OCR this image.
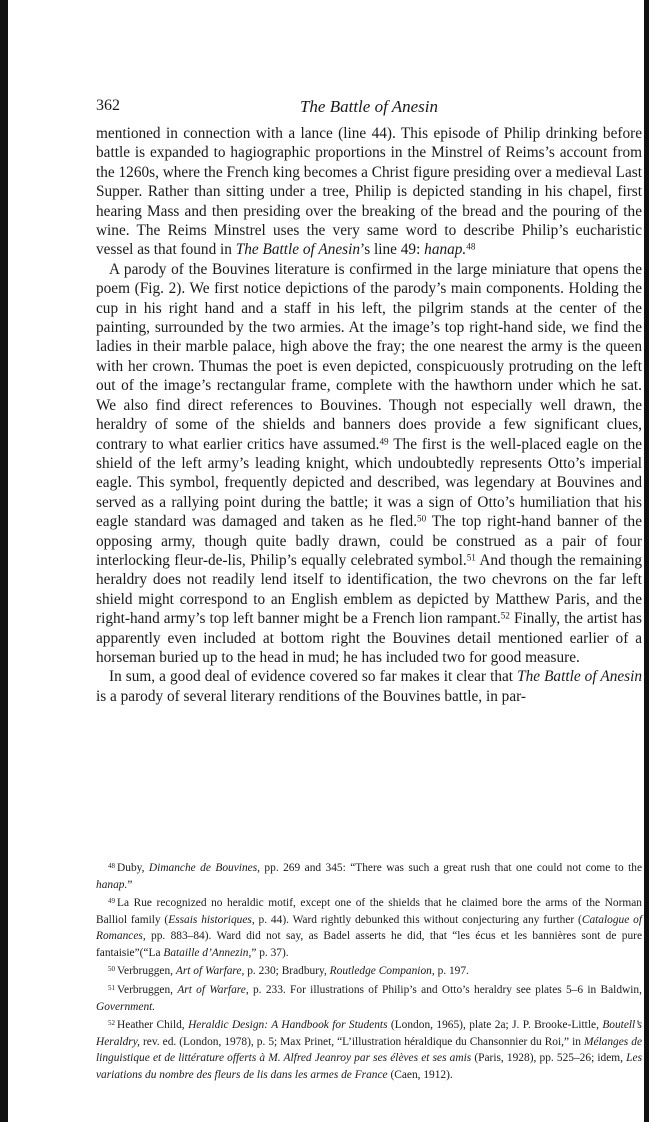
362	The Battle of Anesin

mentioned in connection with a lance (line 44). This episode of Philip drinking before battle is expanded to hagiographic proportions in the Minstrel of Reims’s account from the 1260s, where the French king becomes a Christ figure presiding over a medieval Last Supper. Rather than sitting under a tree, Philip is depicted standing in his chapel, first hearing Mass and then presiding over the breaking of the bread and the pouring of the wine. The Reims Minstrel uses the very same word to describe Philip’s eucharistic vessel as that found in The Battle of Anesin’s line 49: hanap.$^{48}$

A parody of the Bouvines literature is confirmed in the large miniature that opens the poem (Fig. 2). We first notice depictions of the parody’s main components. Holding the cup in his right hand and a staff in his left, the pilgrim stands at the center of the painting, surrounded by the two armies. At the image’s top right-hand side, we find the ladies in their marble palace, high above the fray; the one nearest the army is the queen with her crown. Thumas the poet is even depicted, conspicuously protruding on the left out of the image’s rectangular frame, complete with the hawthorn under which he sat. We also find direct references to Bouvines. Though not especially well drawn, the heraldry of some of the shields and banners does provide a few significant clues, contrary to what earlier critics have assumed.$^{49}$ The first is the well-placed eagle on the shield of the left army’s leading knight, which undoubtedly represents Otto’s imperial eagle. This symbol, frequently depicted and described, was legendary at Bouvines and served as a rallying point during the battle; it was a sign of Otto’s humiliation that his eagle standard was damaged and taken as he fled.$^{50}$ The top right-hand banner of the opposing army, though quite badly drawn, could be construed as a pair of four interlocking fleur-de-lis, Philip’s equally celebrated symbol.$^{51}$ And though the remaining heraldry does not readily lend itself to identification, the two chevrons on the far left shield might correspond to an English emblem as depicted by Matthew Paris, and the right-hand army’s top left banner might be a French lion rampant.$^{52}$ Finally, the artist has apparently even included at bottom right the Bouvines detail mentioned earlier of a horseman buried up to the head in mud; he has included two for good measure.

In sum, a good deal of evidence covered so far makes it clear that The Battle of Anesin is a parody of several literary renditions of the Bouvines battle, in par-

$^{48}$ Duby, Dimanche de Bouvines, pp. 269 and 345: “There was such a great rush that one could not come to the hanap.”

$^{49}$ La Rue recognized no heraldic motif, except one of the shields that he claimed bore the arms of the Norman Balliol family (Essais historiques, p. 44). Ward rightly debunked this without conjecturing any further (Catalogue of Romances, pp. 883–84). Ward did not say, as Badel asserts he did, that “les écus et les bannières sont de pure fantaisie”(“La Bataille d’Annezin,” p. 37).

$^{50}$ Verbruggen, Art of Warfare, p. 230; Bradbury, Routledge Companion, p. 197.

$^{51}$ Verbruggen, Art of Warfare, p. 233. For illustrations of Philip’s and Otto’s heraldry see plates 5–6 in Baldwin, Government.

$^{52}$ Heather Child, Heraldic Design: A Handbook for Students (London, 1965), plate 2a; J. P. Brooke-Little, Boutell’s Heraldry, rev. ed. (London, 1978), p. 5; Max Prinet, “L’illustration héraldique du Chansonnier du Roi,” in Mélanges de linguistique et de littérature offerts à M. Alfred Jeanroy par ses élèves et ses amis (Paris, 1928), pp. 525–26; idem, Les variations du nombre des fleurs de lis dans les armes de France (Caen, 1912).
